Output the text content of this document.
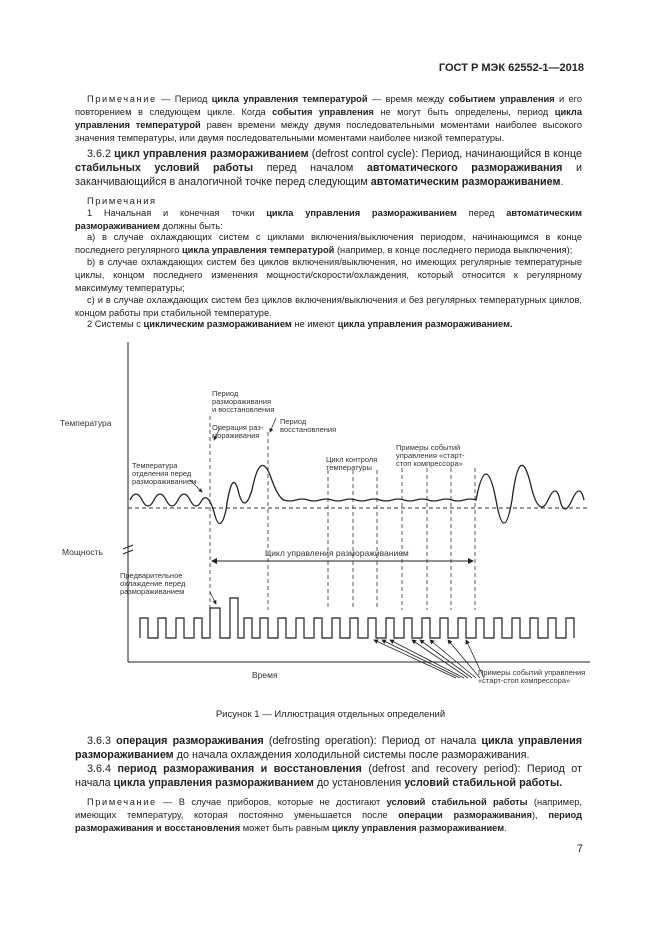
ГОСТ Р МЭК 62552-1—2018

Примечание — Период цикла управления температурой — время между событием управления и его повторением в следующем цикле. Когда события управления не могут быть определены, период цикла управления температурой равен времени между двумя последовательными моментами наиболее высокого значения температуры, или двумя последовательными моментами наиболее низкой температуры.

3.6.2 цикл управления размораживанием (defrost control cycle): Период, начинающийся в конце стабильных условий работы перед началом автоматического размораживания и заканчивающийся в аналогичной точке перед следующим автоматическим размораживанием.

Примечания

1 Начальная и конечная точки цикла управления размораживанием перед автоматическим размораживанием должны быть:

а) в случае охлаждающих систем с циклами включения/выключения периодом, начинающимся в конце последнего регулярного цикла управления температурой (например, в конце последнего периода выключения);

b) в случае охлаждающих систем без циклов включения/выключения, но имеющих регулярные температурные циклы, концом последнего изменения мощности/скорости/охлаждения, который относится к регулярному максимуму температуры;

c) и в случае охлаждающих систем без циклов включения/выключения и без регулярных температурных циклов, концом работы при стабильной температуре.

2 Системы с циклическим размораживанием не имеют цикла управления размораживанием.

Температура
Мощность
Время
Цикл управления размораживанием
Период размораживания и восстановления
Операция раз-мораживания
Период восстановления
Температура отделения перед размораживанием
Цикл контроля температуры
Примеры событий управления «старт-стоп компрессора»
Предварительное охлаждение перед размораживанием
Примеры событий управления «старт-стоп компрессора»
Рисунок 1 — Иллюстрация отдельных определений

3.6.3 операция размораживания (defrosting operation): Период от начала цикла управления размораживанием до начала охлаждения холодильной системы после размораживания.

3.6.4 период размораживания и восстановления (defrost and recovery period): Период от начала цикла управления размораживанием до установления условий стабильной работы.

Примечание — В случае приборов, которые не достигают условий стабильной работы (например, имеющих температуру, которая постоянно уменьшается после операции размораживания), период размораживания и восстановления может быть равным циклу управления размораживанием.

7
